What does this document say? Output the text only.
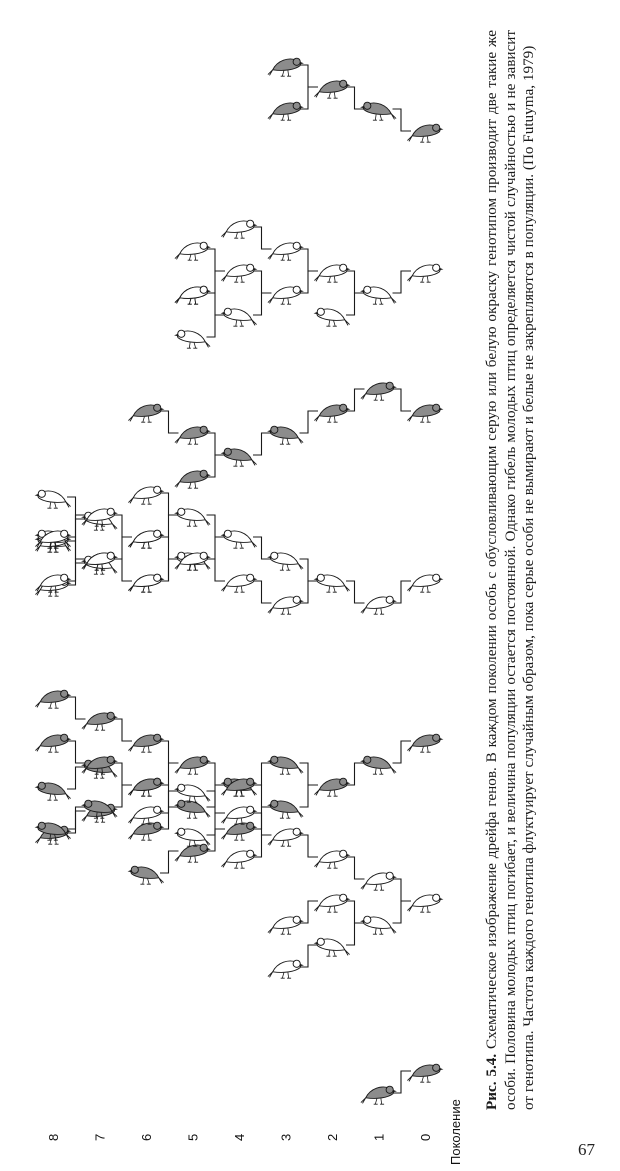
Поколение
0
1
2
3
4
5
6
7
8
Рис. 5.4. Схематическое изображение дрейфа генов. В каждом поколении особь с обусловливающим серую или белую окраску генотипом производит две такие же особи. Половина молодых птиц погибает, и величина популяции остается постоянной. Однако гибель молодых птиц определяется чистой случайностью и не зависит от генотипа. Частота каждого генотипа флуктуирует случайным образом, пока серые особи не вымирают и белые не закрепляются в популяции. (По Futuyma, 1979)
67
